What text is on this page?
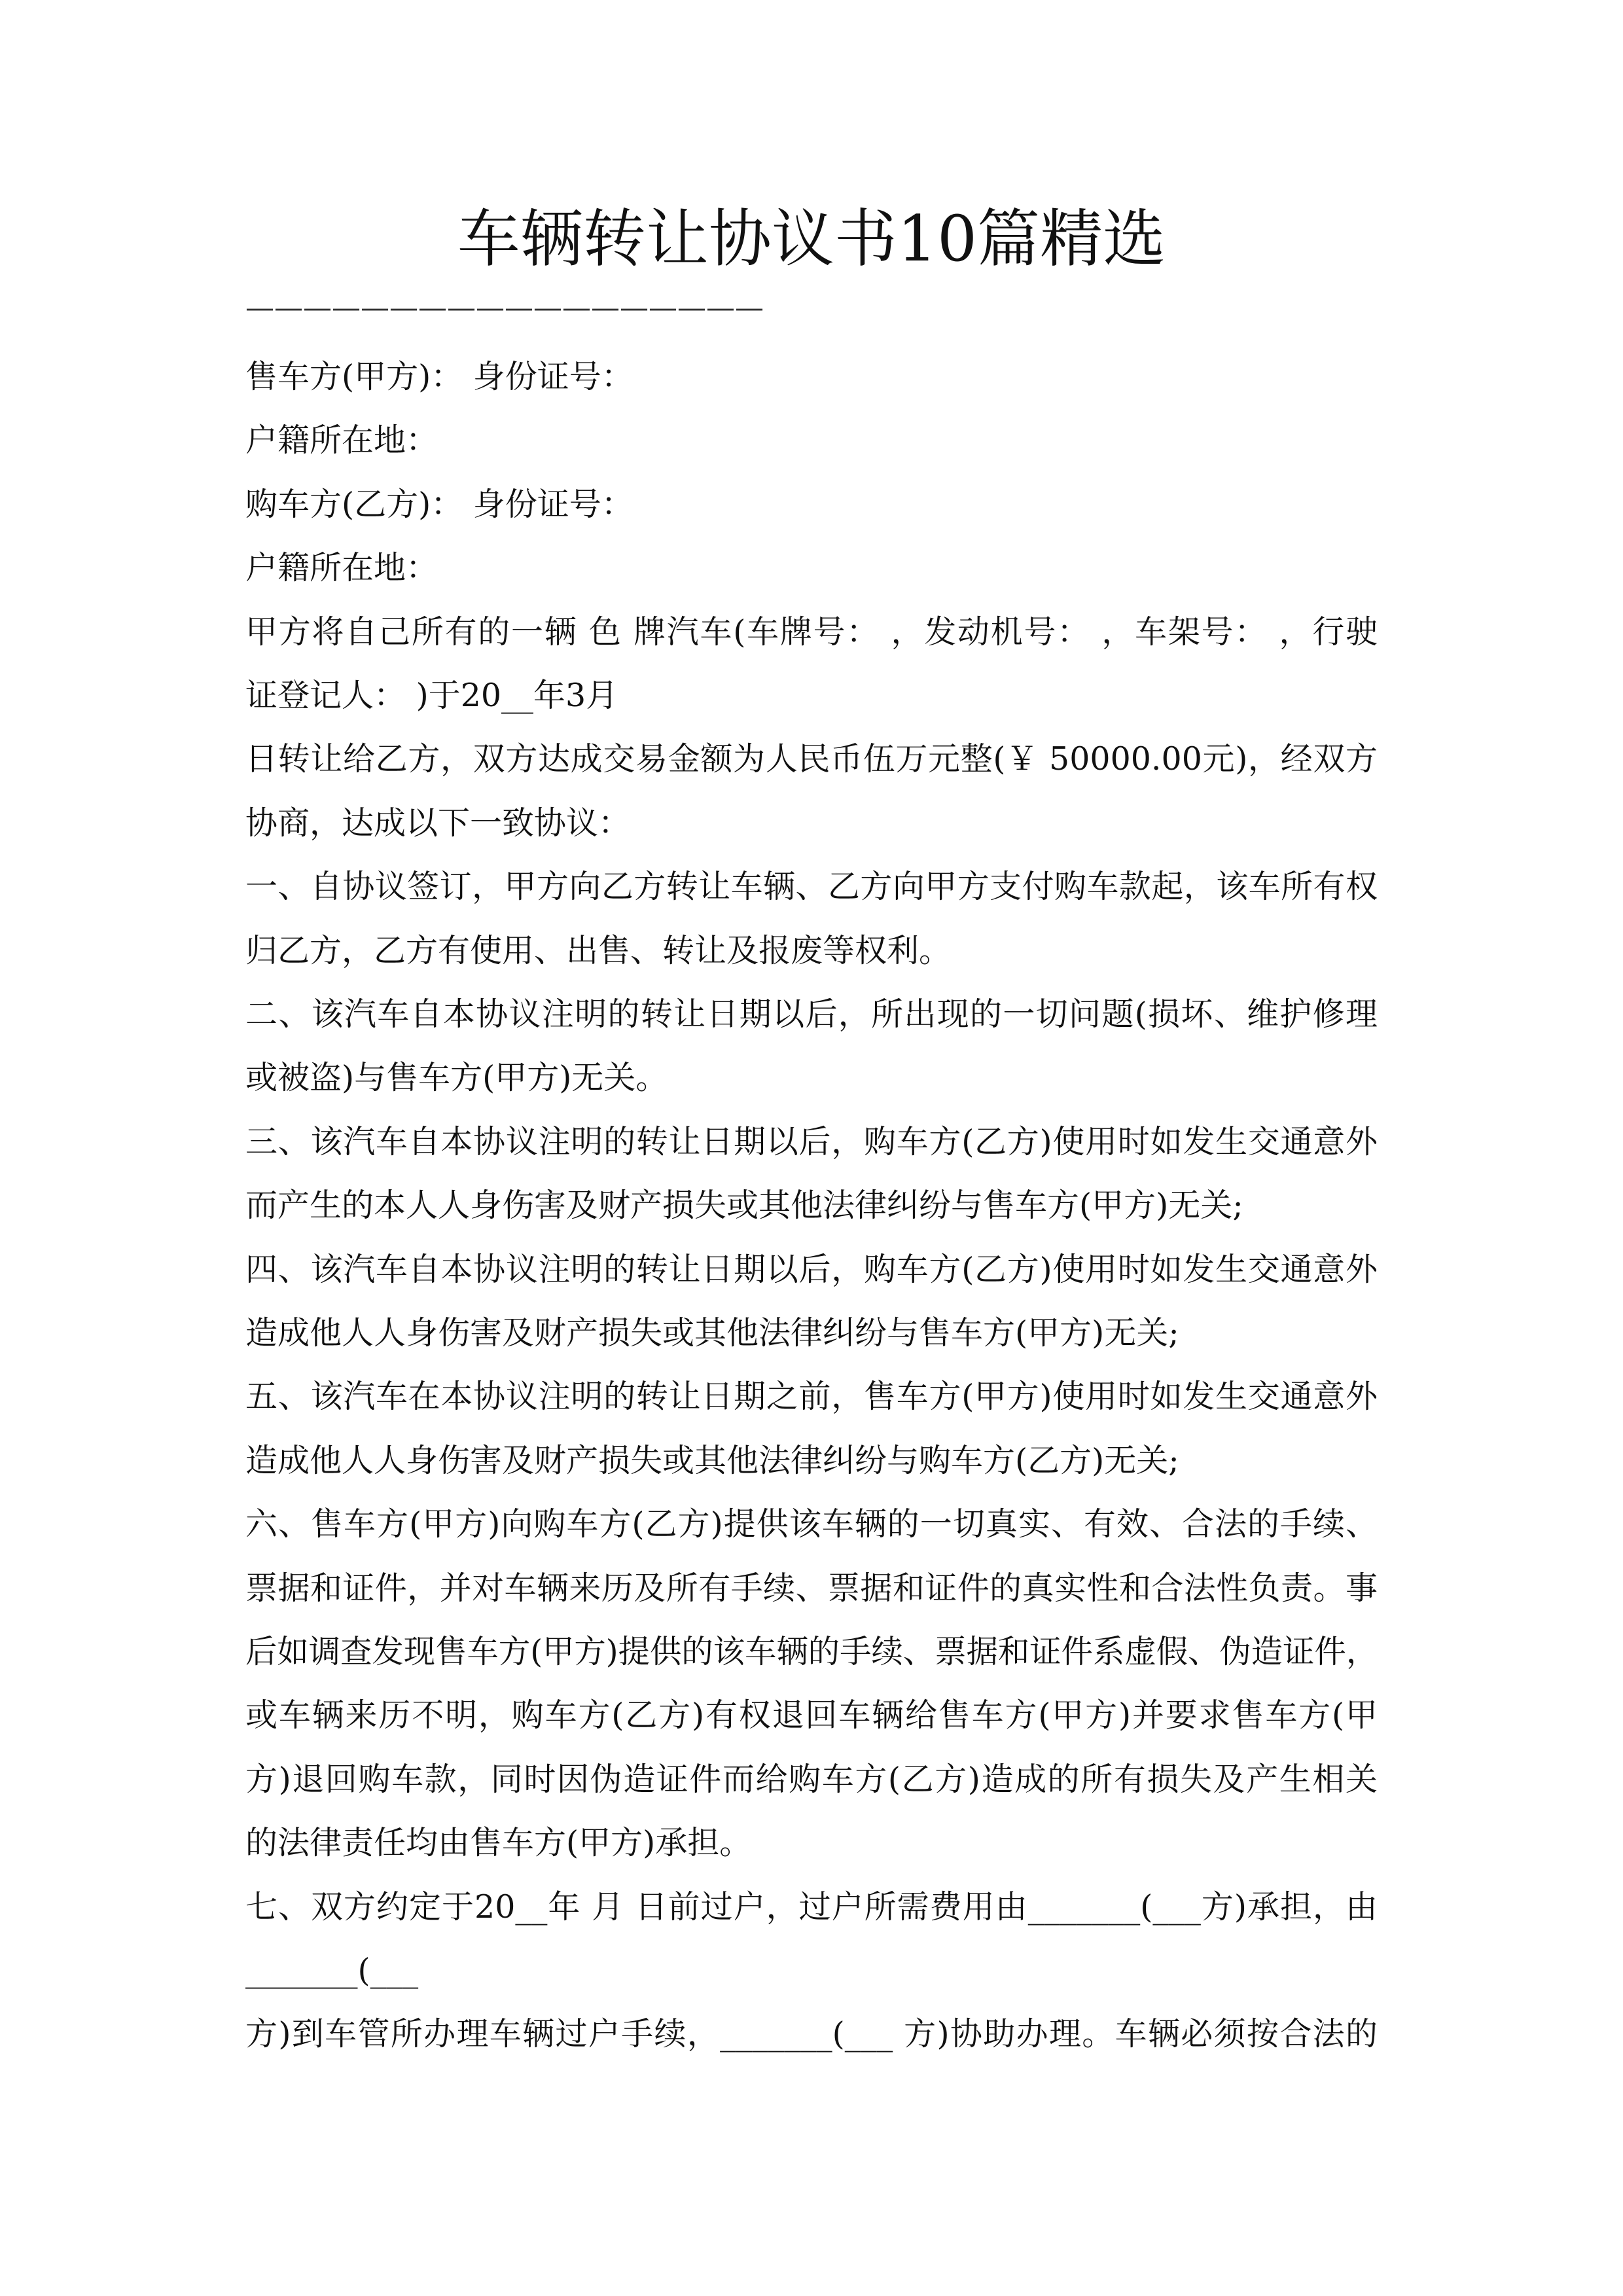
车辆转让协议书10篇精选
——————————————————
售车方(甲方)： 身份证号：
户籍所在地：
购车方(乙方)： 身份证号：
户籍所在地：
甲方将自己所有的一辆 色 牌汽车(车牌号： ，发动机号： ，车架号： ，行驶
证登记人： )于20__年3月
日转让给乙方，双方达成交易金额为人民币伍万元整(￥ 50000.00元)，经双方
协商，达成以下一致协议：
一、自协议签订，甲方向乙方转让车辆、乙方向甲方支付购车款起，该车所有权
归乙方，乙方有使用、出售、转让及报废等权利。
二、该汽车自本协议注明的转让日期以后，所出现的一切问题(损坏、维护修理
或被盗)与售车方(甲方)无关。
三、该汽车自本协议注明的转让日期以后，购车方(乙方)使用时如发生交通意外
而产生的本人人身伤害及财产损失或其他法律纠纷与售车方(甲方)无关;
四、该汽车自本协议注明的转让日期以后，购车方(乙方)使用时如发生交通意外
造成他人人身伤害及财产损失或其他法律纠纷与售车方(甲方)无关;
五、该汽车在本协议注明的转让日期之前，售车方(甲方)使用时如发生交通意外
造成他人人身伤害及财产损失或其他法律纠纷与购车方(乙方)无关;
六、售车方(甲方)向购车方(乙方)提供该车辆的一切真实、有效、合法的手续、
票据和证件，并对车辆来历及所有手续、票据和证件的真实性和合法性负责。事
后如调查发现售车方(甲方)提供的该车辆的手续、票据和证件系虚假、伪造证件，
或车辆来历不明，购车方(乙方)有权退回车辆给售车方(甲方)并要求售车方(甲
方)退回购车款，同时因伪造证件而给购车方(乙方)造成的所有损失及产生相关
的法律责任均由售车方(甲方)承担。
七、双方约定于20__年 月 日前过户，过户所需费用由_______(___方)承担，由
_______(___
方)到车管所办理车辆过户手续，_______(___ 方)协助办理。车辆必须按合法的
